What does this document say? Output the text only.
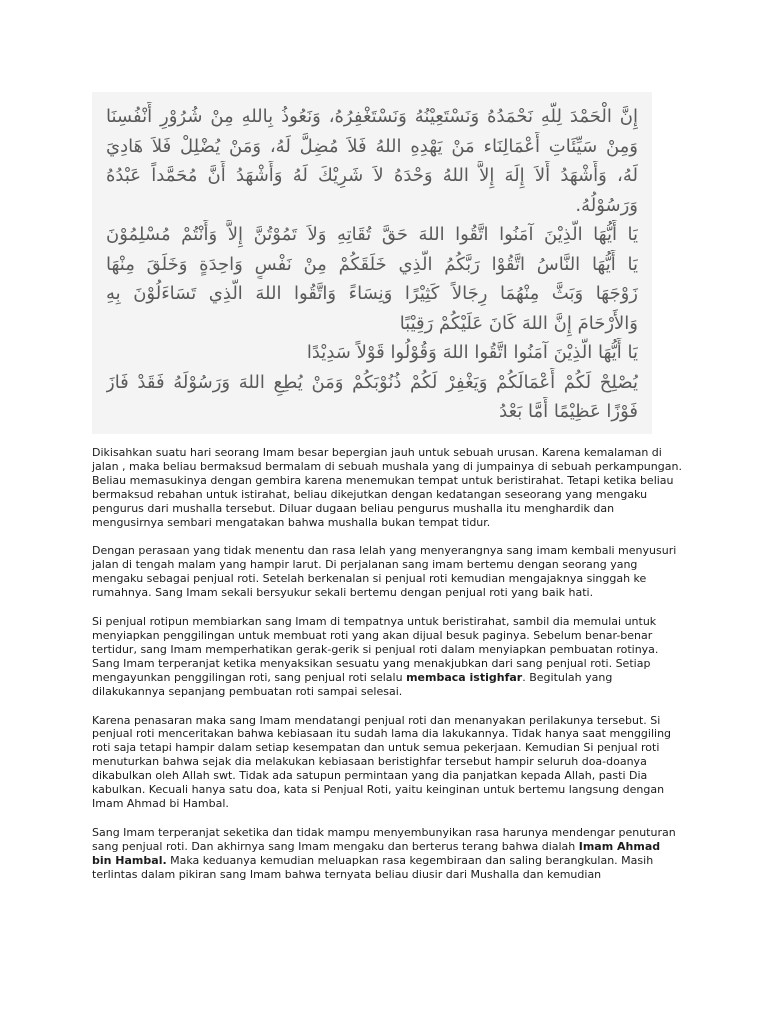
إِنَّ الْحَمْدَ لِلّهِ نَحْمَدُهُ وَنَسْتَعِيْنُهُ وَنَسْتَغْفِرُهُ، وَنَعُوذُ بِاللهِ مِنْ شُرُوْرِ أَنْفُسِنَا
وَمِنْ سَيِّئَاتِ أَعْمَالِنَاء مَنْ يَهْدِهِ اللهُ فَلاَ مُضِلَّ لَهُ، وَمَنْ يُضْلِلْ فَلاَ هَادِيَ
لَهُ، وَأَشْهَدُ أَلاَ إِلَهَ إِلاَّ اللهُ وَحْدَهُ لاَ شَرِيْكَ لَهُ وَأَشْهَدُ أَنَّ مُحَمَّداً عَبْدُهُ
وَرَسُوْلُهُ.
يَا أَيُّهَا الَّذِيْنَ آمَنُوا اتَّقُوا اللهَ حَقَّ تُقَاتِهِ وَلاَ تَمُوْتُنَّ إِلاَّ وَأَنْتُمْ مُسْلِمُوْنَ
يَا أَيُّهَا النَّاسُ اتَّقُوْا رَبَّكُمُ الَّذِي خَلَقَكُمْ مِنْ نَفْسٍ وَاحِدَةٍ وَخَلَقَ مِنْهَا
زَوْجَهَا وَبَثَّ مِنْهُمَا رِجَالاً كَثِيْرًا وَنِسَاءً وَاتَّقُوا اللهَ الَّذِي تَسَاءَلُوْنَ بِهِ
وَالأَرْحَامَ إِنَّ اللهَ كَانَ عَلَيْكُمْ رَقِيْبًا
يَا أَيُّهَا الَّذِيْنَ آمَنُوا اتَّقُوا اللهَ وَقُوْلُوا قَوْلاً سَدِيْدًا
يُصْلِحْ لَكُمْ أَعْمَالَكُمْ وَيَغْفِرْ لَكُمْ ذُنُوْبَكُمْ وَمَنْ يُطِعِ اللهَ وَرَسُوْلَهُ فَقَدْ فَازَ
فَوْزًا عَظِيْمًا أَمَّا بَعْدُ

Dikisahkan suatu hari seorang Imam besar bepergian jauh untuk sebuah urusan. Karena kemalaman di jalan , maka beliau bermaksud bermalam di sebuah mushala yang di jumpainya di sebuah perkampungan. Beliau memasukinya dengan gembira karena menemukan tempat untuk beristirahat. Tetapi ketika beliau bermaksud rebahan untuk istirahat, beliau dikejutkan dengan kedatangan seseorang yang mengaku pengurus dari mushalla tersebut. Diluar dugaan beliau pengurus mushalla itu menghardik dan mengusirnya sembari mengatakan bahwa mushalla bukan tempat tidur.

Dengan perasaan yang tidak menentu dan rasa lelah yang menyerangnya sang imam kembali menyusuri jalan di tengah malam yang hampir larut. Di perjalanan sang imam bertemu dengan seorang yang mengaku sebagai penjual roti. Setelah berkenalan si penjual roti kemudian mengajaknya singgah ke rumahnya. Sang Imam sekali bersyukur sekali bertemu dengan penjual roti yang baik hati.

Si penjual rotipun membiarkan sang Imam di tempatnya untuk beristirahat, sambil dia memulai untuk menyiapkan penggilingan untuk membuat roti yang akan dijual besuk paginya. Sebelum benar-benar tertidur, sang Imam memperhatikan gerak-gerik si penjual roti dalam menyiapkan pembuatan rotinya. Sang Imam terperanjat ketika menyaksikan sesuatu yang menakjubkan dari sang penjual roti. Setiap mengayunkan penggilingan roti, sang penjual roti selalu membaca istighfar. Begitulah yang dilakukannya sepanjang pembuatan roti sampai selesai.

Karena penasaran maka sang Imam mendatangi penjual roti dan menanyakan perilakunya tersebut. Si penjual roti menceritakan bahwa kebiasaan itu sudah lama dia lakukannya. Tidak hanya saat menggiling roti saja tetapi hampir dalam setiap kesempatan dan untuk semua pekerjaan. Kemudian Si penjual roti menuturkan bahwa sejak dia melakukan kebiasaan beristighfar tersebut hampir seluruh doa-doanya dikabulkan oleh Allah swt. Tidak ada satupun permintaan yang dia panjatkan kepada Allah, pasti Dia kabulkan. Kecuali hanya satu doa, kata si Penjual Roti, yaitu keinginan untuk bertemu langsung dengan Imam Ahmad bi Hambal.

Sang Imam terperanjat seketika dan tidak mampu menyembunyikan rasa harunya mendengar penuturan sang penjual roti. Dan akhirnya sang Imam mengaku dan berterus terang bahwa dialah Imam Ahmad bin Hambal. Maka keduanya kemudian meluapkan rasa kegembiraan dan saling berangkulan. Masih terlintas dalam pikiran sang Imam bahwa ternyata beliau diusir dari Mushalla dan kemudian
